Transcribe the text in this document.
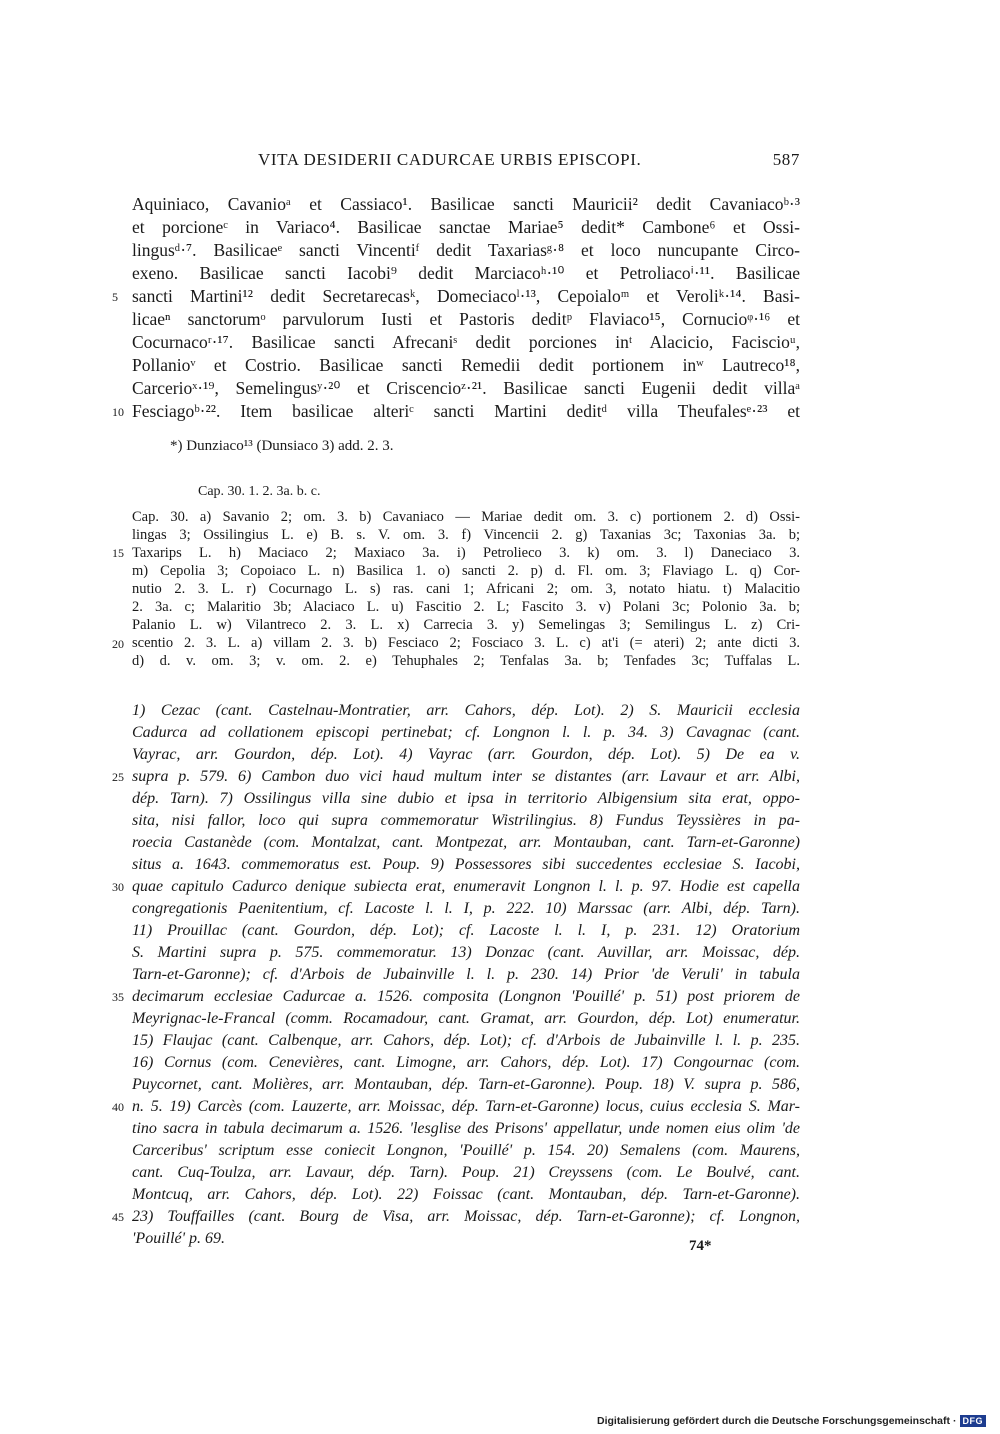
VITA DESIDERII CADURCAE URBIS EPISCOPI.	587
Aquiniaco, Cavanioᵃ et Cassiaco¹. Basilicae sancti Mauricii² dedit Cavaniacoᵇ·³
et porcioneᶜ in Variaco⁴. Basilicae sanctae Mariae⁵ dedit* Cambone⁶ et Ossi-
lingusᵈ·⁷. Basilicaeᵉ sancti Vincentiᶠ dedit Taxariasᵍ·⁸ et loco nuncupante Circo-
exeno. Basilicae sancti Iacobi⁹ dedit Marciacoʰ·¹⁰ et Petroliacoⁱ·¹¹. Basilicae
sancti Martini¹² dedit Secretarecasᵏ, Domeciacoˡ·¹³, Cepoialoᵐ et Veroliᵏ·¹⁴. Basi-
licaeⁿ sanctorumᵒ parvulorum Iusti et Pastoris deditᵖ Flaviaco¹⁵, Cornucioᵠ·¹⁶ et
Cocurnacoʳ·¹⁷. Basilicae sancti Afrecaniˢ dedit porciones inᵗ Alacicio, Facisciоᵘ,
Pollanioᵛ et Costrio. Basilicae sancti Remedii dedit portionem inʷ Lautreco¹⁸,
Carcerioˣ·¹⁹, Semelingusʸ·²⁰ et Criscencioᶻ·²¹. Basilicae sancti Eugenii dedit villaᵃ
Fesciagoᵇ·²². Item basilicae alteriᶜ sancti Martini deditᵈ villa Theufalesᵉ·²³ et
5
10
*) Dunziaco¹³ (Dunsiaco 3) add. 2. 3.
Cap. 30. 1. 2. 3a. b. c.
Cap. 30. a) Savanio 2; om. 3. b) Cavaniaco — Mariae dedit om. 3. c) portionem 2. d) Ossi-
lingas 3; Ossilingius L. e) B. s. V. om. 3. f) Vincencii 2. g) Taxanias 3c; Taxonias 3a. b;
Taxarips L. h) Maciaco 2; Maxiaco 3a. i) Petrolieco 3. k) om. 3. l) Daneciaco 3.
m) Cepolia 3; Copoiaco L. n) Basilica 1. o) sancti 2. p) d. Fl. om. 3; Flaviago L. q) Cor-
nutio 2. 3. L. r) Cocurnago L. s) ras. cani 1; Africani 2; om. 3, notato hiatu. t) Malacitio
2. 3a. c; Malaritio 3b; Alaciaco L. u) Fascitio 2. L; Fascito 3. v) Polani 3c; Polonio 3a. b;
Palanio L. w) Vilantreco 2. 3. L. x) Carrecia 3. y) Semelingas 3; Semilingus L. z) Cri-
scentio 2. 3. L. a) villam 2. 3. b) Fesciaco 2; Fosciaco 3. L. c) at'i (= ateri) 2; ante dicti 3.
d) d. v. om. 3; v. om. 2. e) Tehuphales 2; Tenfalas 3a. b; Tenfades 3c; Tuffalas L.
15
20
1) Cezac (cant. Castelnau-Montratier, arr. Cahors, dép. Lot). 2) S. Mauricii ecclesia
Cadurca ad collationem episcopi pertinebat; cf. Longnon l. l. p. 34. 3) Cavagnac (cant.
Vayrac, arr. Gourdon, dép. Lot). 4) Vayrac (arr. Gourdon, dép. Lot). 5) De ea v.
supra p. 579. 6) Cambon duo vici haud multum inter se distantes (arr. Lavaur et arr. Albi,
dép. Tarn). 7) Ossilingus villa sine dubio et ipsa in territorio Albigensium sita erat, oppo-
sita, nisi fallor, loco qui supra commemoratur Wistrilingius. 8) Fundus Teyssières in pa-
roecia Castanède (com. Montalzat, cant. Montpezat, arr. Montauban, cant. Tarn-et-Garonne)
situs a. 1643. commemoratus est. Poup. 9) Possessores sibi succedentes ecclesiae S. Iacobi,
quae capitulo Cadurco denique subiecta erat, enumeravit Longnon l. l. p. 97. Hodie est capella
congregationis Paenitentium, cf. Lacoste l. l. I, p. 222. 10) Marssac (arr. Albi, dép. Tarn).
11) Prouillac (cant. Gourdon, dép. Lot); cf. Lacoste l. l. I, p. 231. 12) Oratorium
S. Martini supra p. 575. commemoratur. 13) Donzac (cant. Auvillar, arr. Moissac, dép.
Tarn-et-Garonne); cf. d'Arbois de Jubainville l. l. p. 230. 14) Prior 'de Veruli' in tabula
decimarum ecclesiae Cadurcae a. 1526. composita (Longnon 'Pouillé' p. 51) post priorem de
Meyrignac-le-Francal (comm. Rocamadour, cant. Gramat, arr. Gourdon, dép. Lot) enumeratur.
15) Flaujac (cant. Calbenque, arr. Cahors, dép. Lot); cf. d'Arbois de Jubainville l. l. p. 235.
16) Cornus (com. Cenevières, cant. Limogne, arr. Cahors, dép. Lot). 17) Congournac (com.
Puycornet, cant. Molières, arr. Montauban, dép. Tarn-et-Garonne). Poup. 18) V. supra p. 586,
n. 5. 19) Carcès (com. Lauzerte, arr. Moissac, dép. Tarn-et-Garonne) locus, cuius ecclesia S. Mar-
tino sacra in tabula decimarum a. 1526. 'lesglise des Prisons' appellatur, unde nomen eius olim 'de
Carceribus' scriptum esse coniecit Longnon, 'Pouillé' p. 154. 20) Semalens (com. Maurens,
cant. Cuq-Toulza, arr. Lavaur, dép. Tarn). Poup. 21) Creyssens (com. Le Boulvé, cant.
Montcuq, arr. Cahors, dép. Lot). 22) Foissac (cant. Montauban, dép. Tarn-et-Garonne).
23) Touffailles (cant. Bourg de Visa, arr. Moissac, dép. Tarn-et-Garonne); cf. Longnon,
'Pouillé' p. 69.
25
30
35
40
45
74*
Digitalisierung gefördert durch die Deutsche Forschungsgemeinschaft · DFG
